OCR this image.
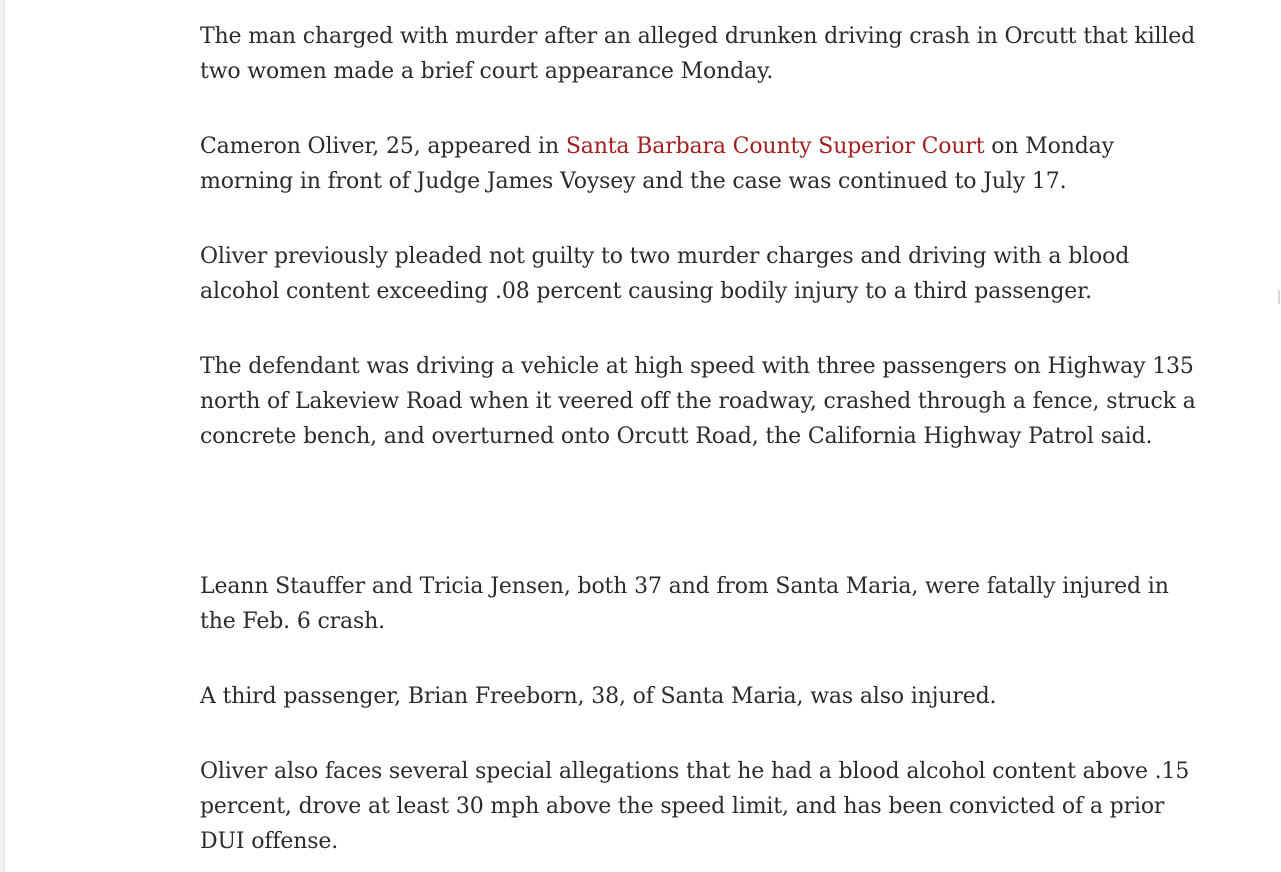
The man charged with murder after an alleged drunken driving crash in Orcutt that killed two women made a brief court appearance Monday.

Cameron Oliver, 25, appeared in Santa Barbara County Superior Court on Monday morning in front of Judge James Voysey and the case was continued to July 17.

Oliver previously pleaded not guilty to two murder charges and driving with a blood alcohol content exceeding .08 percent causing bodily injury to a third passenger.

The defendant was driving a vehicle at high speed with three passengers on Highway 135 north of Lakeview Road when it veered off the roadway, crashed through a fence, struck a concrete bench, and overturned onto Orcutt Road, the California Highway Patrol said.

Leann Stauffer and Tricia Jensen, both 37 and from Santa Maria, were fatally injured in the Feb. 6 crash.

A third passenger, Brian Freeborn, 38, of Santa Maria, was also injured.

Oliver also faces several special allegations that he had a blood alcohol content above .15 percent, drove at least 30 mph above the speed limit, and has been convicted of a prior DUI offense.
